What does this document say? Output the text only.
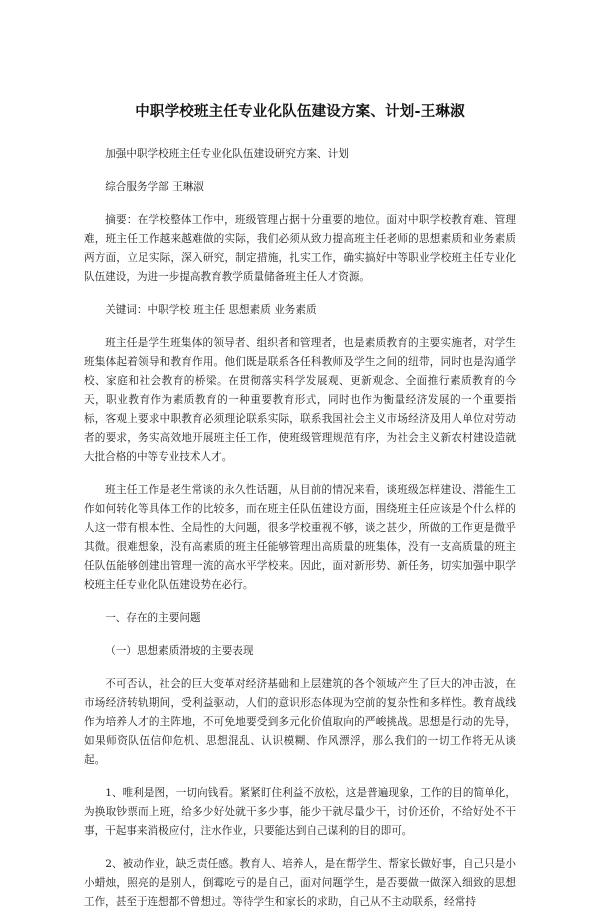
中职学校班主任专业化队伍建设方案、计划-王琳淑

加强中职学校班主任专业化队伍建设研究方案、计划

综合服务学部 王琳淑

摘要：在学校整体工作中，班级管理占据十分重要的地位。面对中职学校教育难、管理难，班主任工作越来越难做的实际，我们必须从致力提高班主任老师的思想素质和业务素质两方面，立足实际，深入研究，制定措施，扎实工作，确实搞好中等职业学校班主任专业化队伍建设，为进一步提高教育教学质量储备班主任人才资源。

关键词：中职学校 班主任 思想素质 业务素质

班主任是学生班集体的领导者、组织者和管理者，也是素质教育的主要实施者，对学生班集体起着领导和教育作用。他们既是联系各任科教师及学生之间的纽带，同时也是沟通学校、家庭和社会教育的桥梁。在贯彻落实科学发展观、更新观念、全面推行素质教育的今天，职业教育作为素质教育的一种重要教育形式，同时也作为衡量经济发展的一个重要指标，客观上要求中职教育必须理论联系实际，联系我国社会主义市场经济及用人单位对劳动者的要求，务实高效地开展班主任工作，使班级管理规范有序，为社会主义新农村建设造就大批合格的中等专业技术人才。

班主任工作是老生常谈的永久性话题，从目前的情况来看，谈班级怎样建设、潜能生工作如何转化等具体工作的比较多，而在班主任队伍建设方面，围绕班主任应该是个什么样的人这一带有根本性、全局性的大问题，很多学校重视不够，谈之甚少，所做的工作更是微乎其微。很难想象，没有高素质的班主任能够管理出高质量的班集体，没有一支高质量的班主任队伍能够创建出管理一流的高水平学校来。因此，面对新形势、新任务，切实加强中职学校班主任专业化队伍建设势在必行。

一、存在的主要问题

（一）思想素质滑坡的主要表现

不可否认，社会的巨大变革对经济基础和上层建筑的各个领域产生了巨大的冲击波，在市场经济转轨期间，受利益驱动，人们的意识形态体现为空前的复杂性和多样性。教育战线作为培养人才的主阵地，不可免地要受到多元化价值取向的严峻挑战。思想是行动的先导，如果师资队伍信仰危机、思想混乱、认识模糊、作风漂浮，那么我们的一切工作将无从谈起。

1、唯利是图，一切向钱看。紧紧盯住利益不放松，这是普遍现象，工作的目的简单化，为换取钞票而上班，给多少好处就干多少事，能少干就尽量少干，讨价还价，不给好处不干事，干起事来消极应付，注水作业，只要能达到自己谋利的目的即可。

2、被动作业，缺乏责任感。教育人、培养人，是在帮学生、帮家长做好事，自己只是小小蜡烛，照亮的是别人，倒霉吃亏的是自己，面对问题学生，是否要做一做深入细致的思想工作，甚至于连想都不曾想过。等待学生和家长的求助，自己从不主动联系，经常持
